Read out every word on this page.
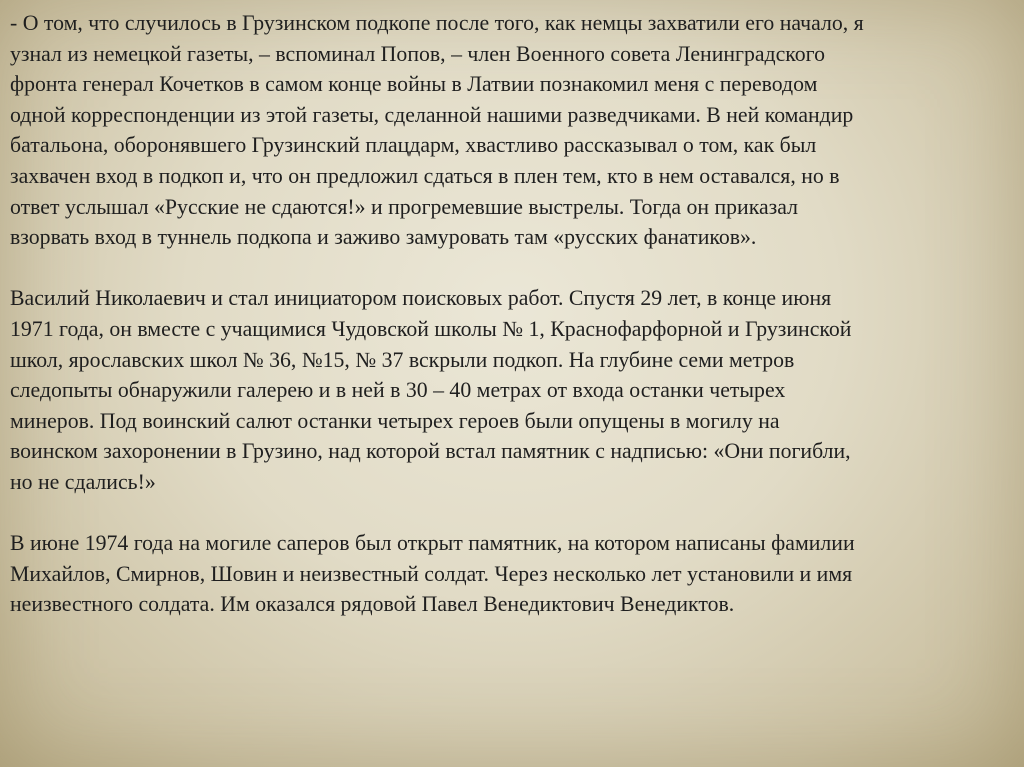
- О том, что случилось в Грузинском подкопе после того, как немцы захватили его начало, я
узнал из немецкой газеты, – вспоминал Попов, – член Военного совета Ленинградского
фронта генерал Кочетков в самом конце войны в Латвии познакомил меня с переводом
одной корреспонденции из этой газеты, сделанной нашими разведчиками. В ней командир
батальона, оборонявшего Грузинский плацдарм, хвастливо рассказывал о том, как был
захвачен вход в подкоп и, что он предложил сдаться в плен тем, кто в нем оставался, но в
ответ услышал «Русские не сдаются!» и прогремевшие выстрелы. Тогда он приказал
взорвать вход в туннель подкопа и заживо замуровать там «русских фанатиков».

Василий Николаевич и стал инициатором поисковых работ. Спустя 29 лет, в конце июня
1971 года, он вместе с учащимися Чудовской школы № 1, Краснофарфорной и Грузинской
школ, ярославских школ № 36, №15, № 37 вскрыли подкоп. На глубине семи метров
следопыты обнаружили галерею и в ней в 30 – 40 метрах от входа останки четырех
минеров. Под воинский салют останки четырех героев были опущены в могилу на
воинском захоронении в Грузино, над которой встал памятник с надписью: «Они погибли,
но не сдались!»

В июне 1974 года на могиле саперов был открыт памятник, на котором написаны фамилии
Михайлов, Смирнов, Шовин и неизвестный солдат. Через несколько лет установили и имя
неизвестного солдата. Им оказался рядовой Павел Венедиктович Венедиктов.
